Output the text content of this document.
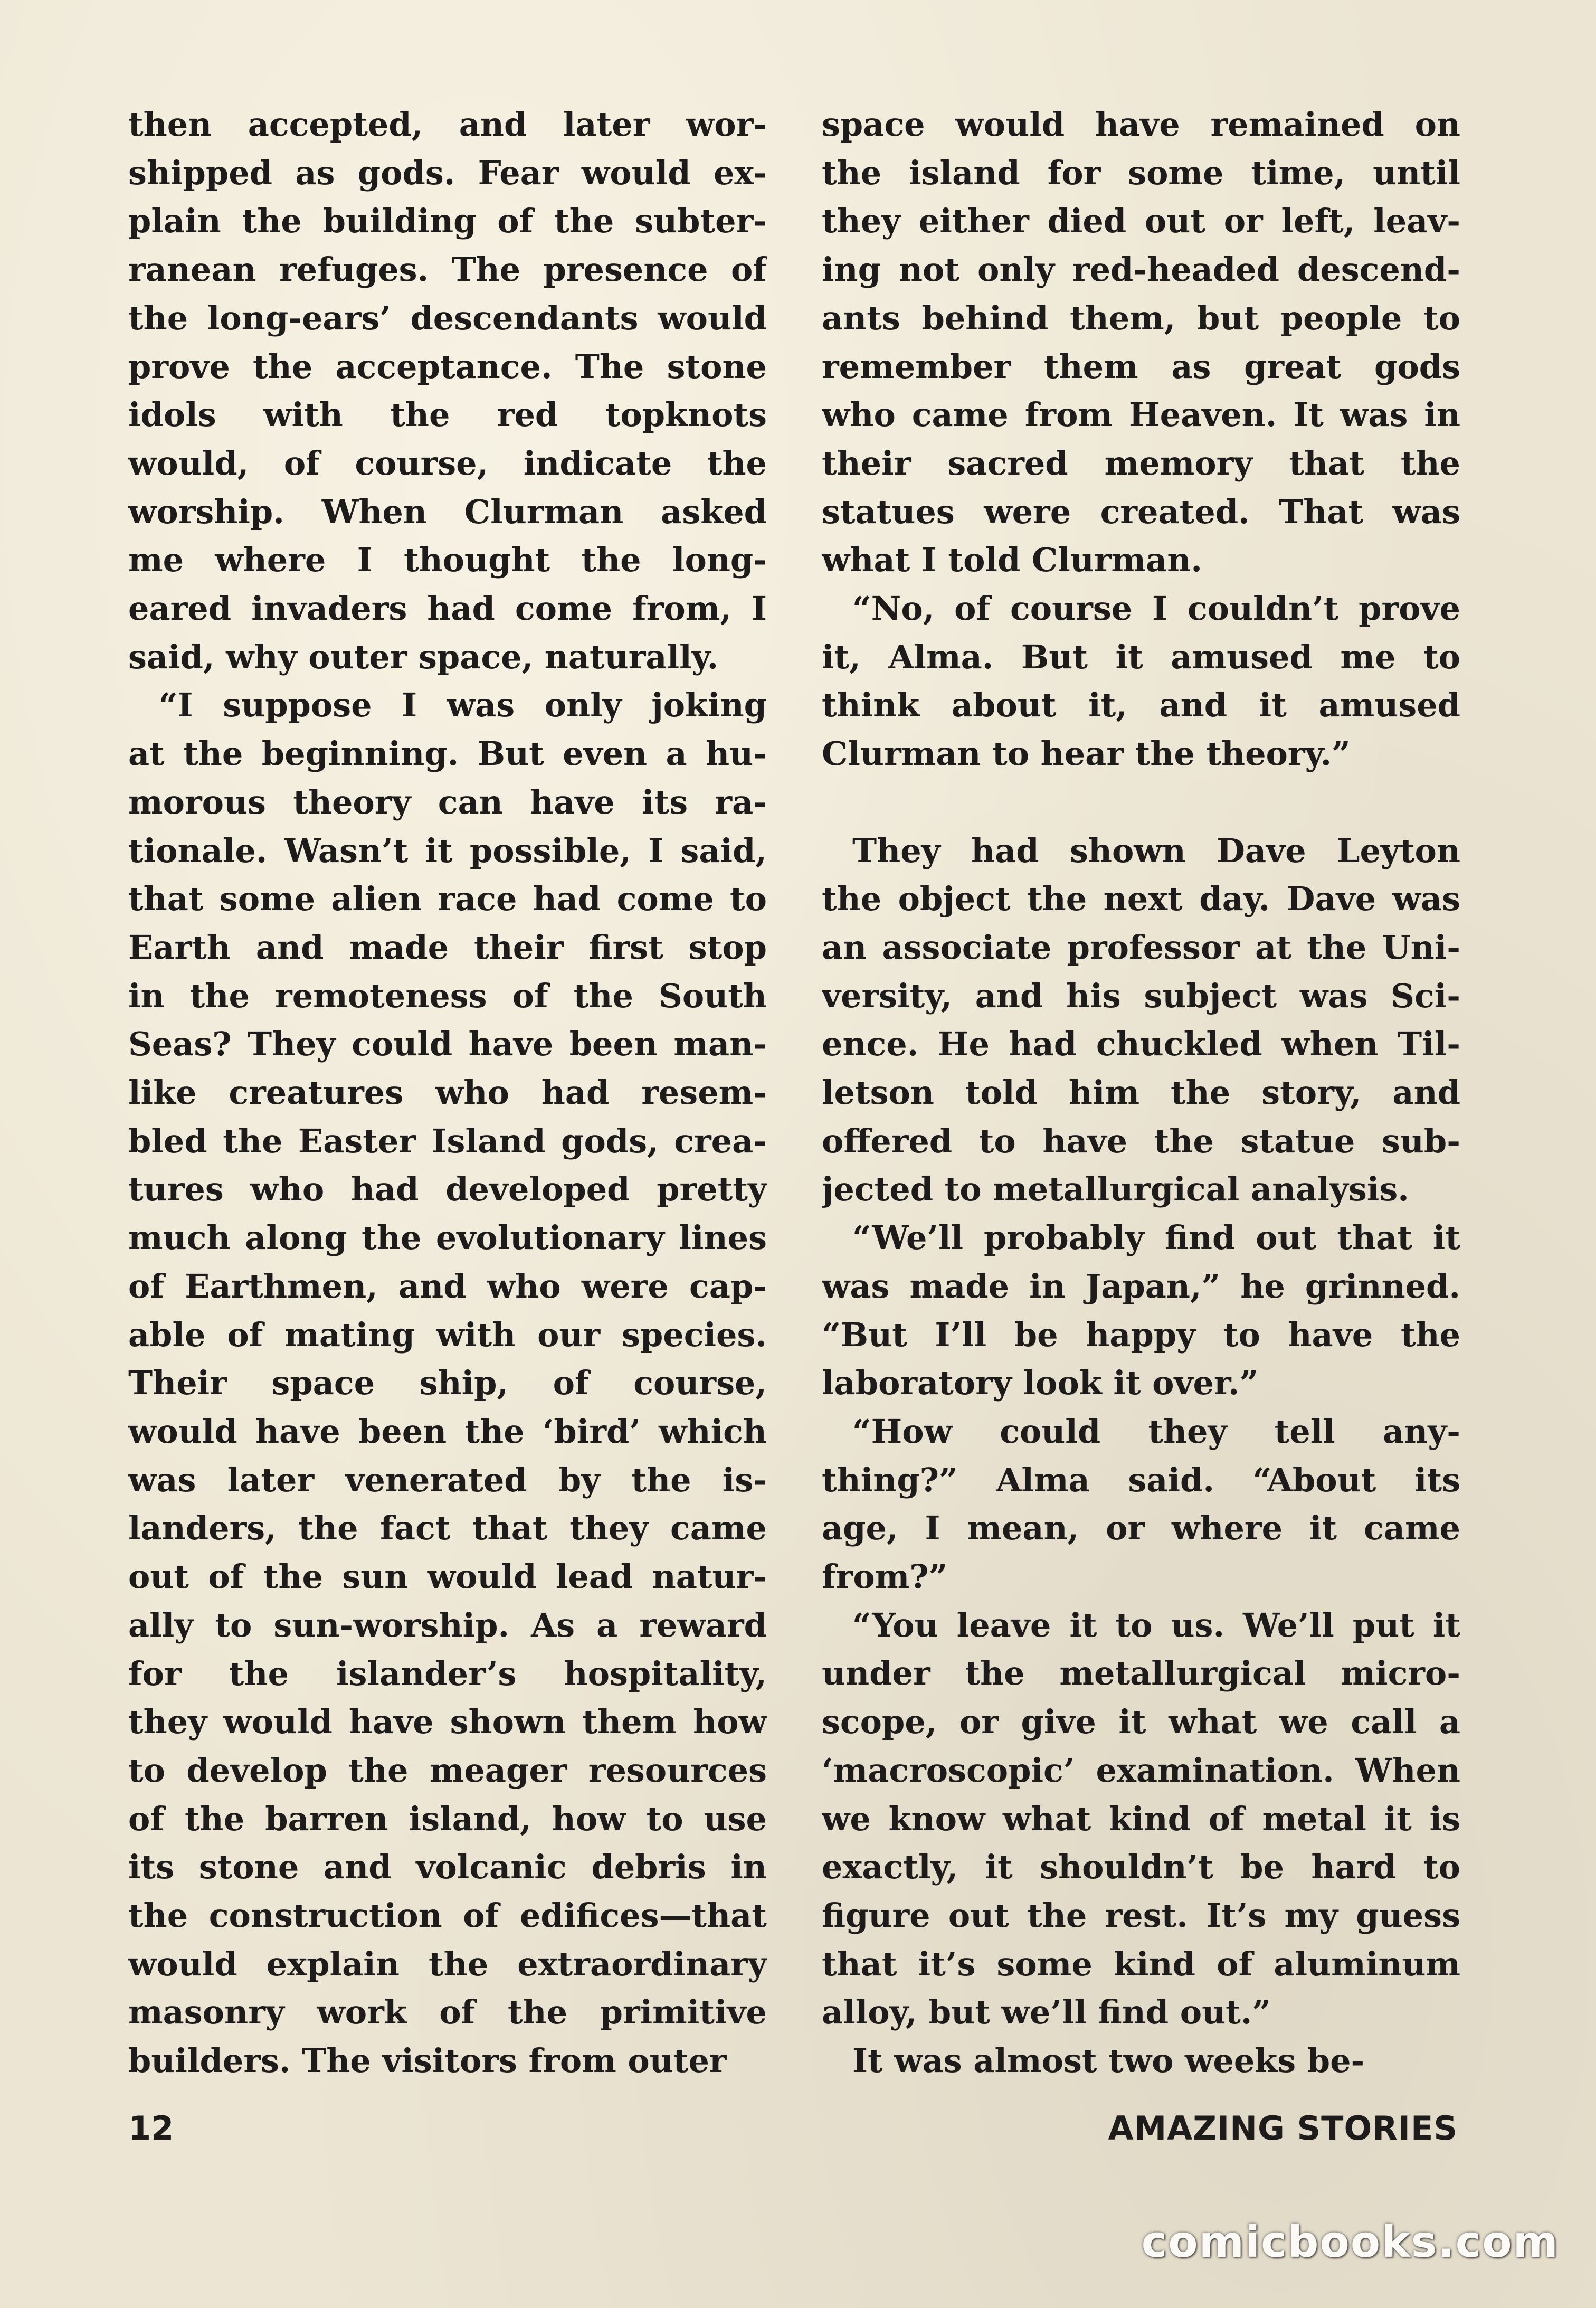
then accepted, and later wor-
shipped as gods. Fear would ex-
plain the building of the subter-
ranean refuges. The presence of
the long-ears’ descendants would
prove the acceptance. The stone
idols with the red topknots
would, of course, indicate the
worship. When Clurman asked
me where I thought the long-
eared invaders had come from, I
said, why outer space, naturally.
“I suppose I was only joking
at the beginning. But even a hu-
morous theory can have its ra-
tionale. Wasn’t it possible, I said,
that some alien race had come to
Earth and made their first stop
in the remoteness of the South
Seas? They could have been man-
like creatures who had resem-
bled the Easter Island gods, crea-
tures who had developed pretty
much along the evolutionary lines
of Earthmen, and who were cap-
able of mating with our species.
Their space ship, of course,
would have been the ‘bird’ which
was later venerated by the is-
landers, the fact that they came
out of the sun would lead natur-
ally to sun-worship. As a reward
for the islander’s hospitality,
they would have shown them how
to develop the meager resources
of the barren island, how to use
its stone and volcanic debris in
the construction of edifices—that
would explain the extraordinary
masonry work of the primitive
builders. The visitors from outer
space would have remained on
the island for some time, until
they either died out or left, leav-
ing not only red-headed descend-
ants behind them, but people to
remember them as great gods
who came from Heaven. It was in
their sacred memory that the
statues were created. That was
what I told Clurman.
“No, of course I couldn’t prove
it, Alma. But it amused me to
think about it, and it amused
Clurman to hear the theory.”
They had shown Dave Leyton
the object the next day. Dave was
an associate professor at the Uni-
versity, and his subject was Sci-
ence. He had chuckled when Til-
letson told him the story, and
offered to have the statue sub-
jected to metallurgical analysis.
“We’ll probably find out that it
was made in Japan,” he grinned.
“But I’ll be happy to have the
laboratory look it over.”
“How could they tell any-
thing?” Alma said. “About its
age, I mean, or where it came
from?”
“You leave it to us. We’ll put it
under the metallurgical micro-
scope, or give it what we call a
‘macroscopic’ examination. When
we know what kind of metal it is
exactly, it shouldn’t be hard to
figure out the rest. It’s my guess
that it’s some kind of aluminum
alloy, but we’ll find out.”
It was almost two weeks be-
12	AMAZING STORIES
comicbooks.com
